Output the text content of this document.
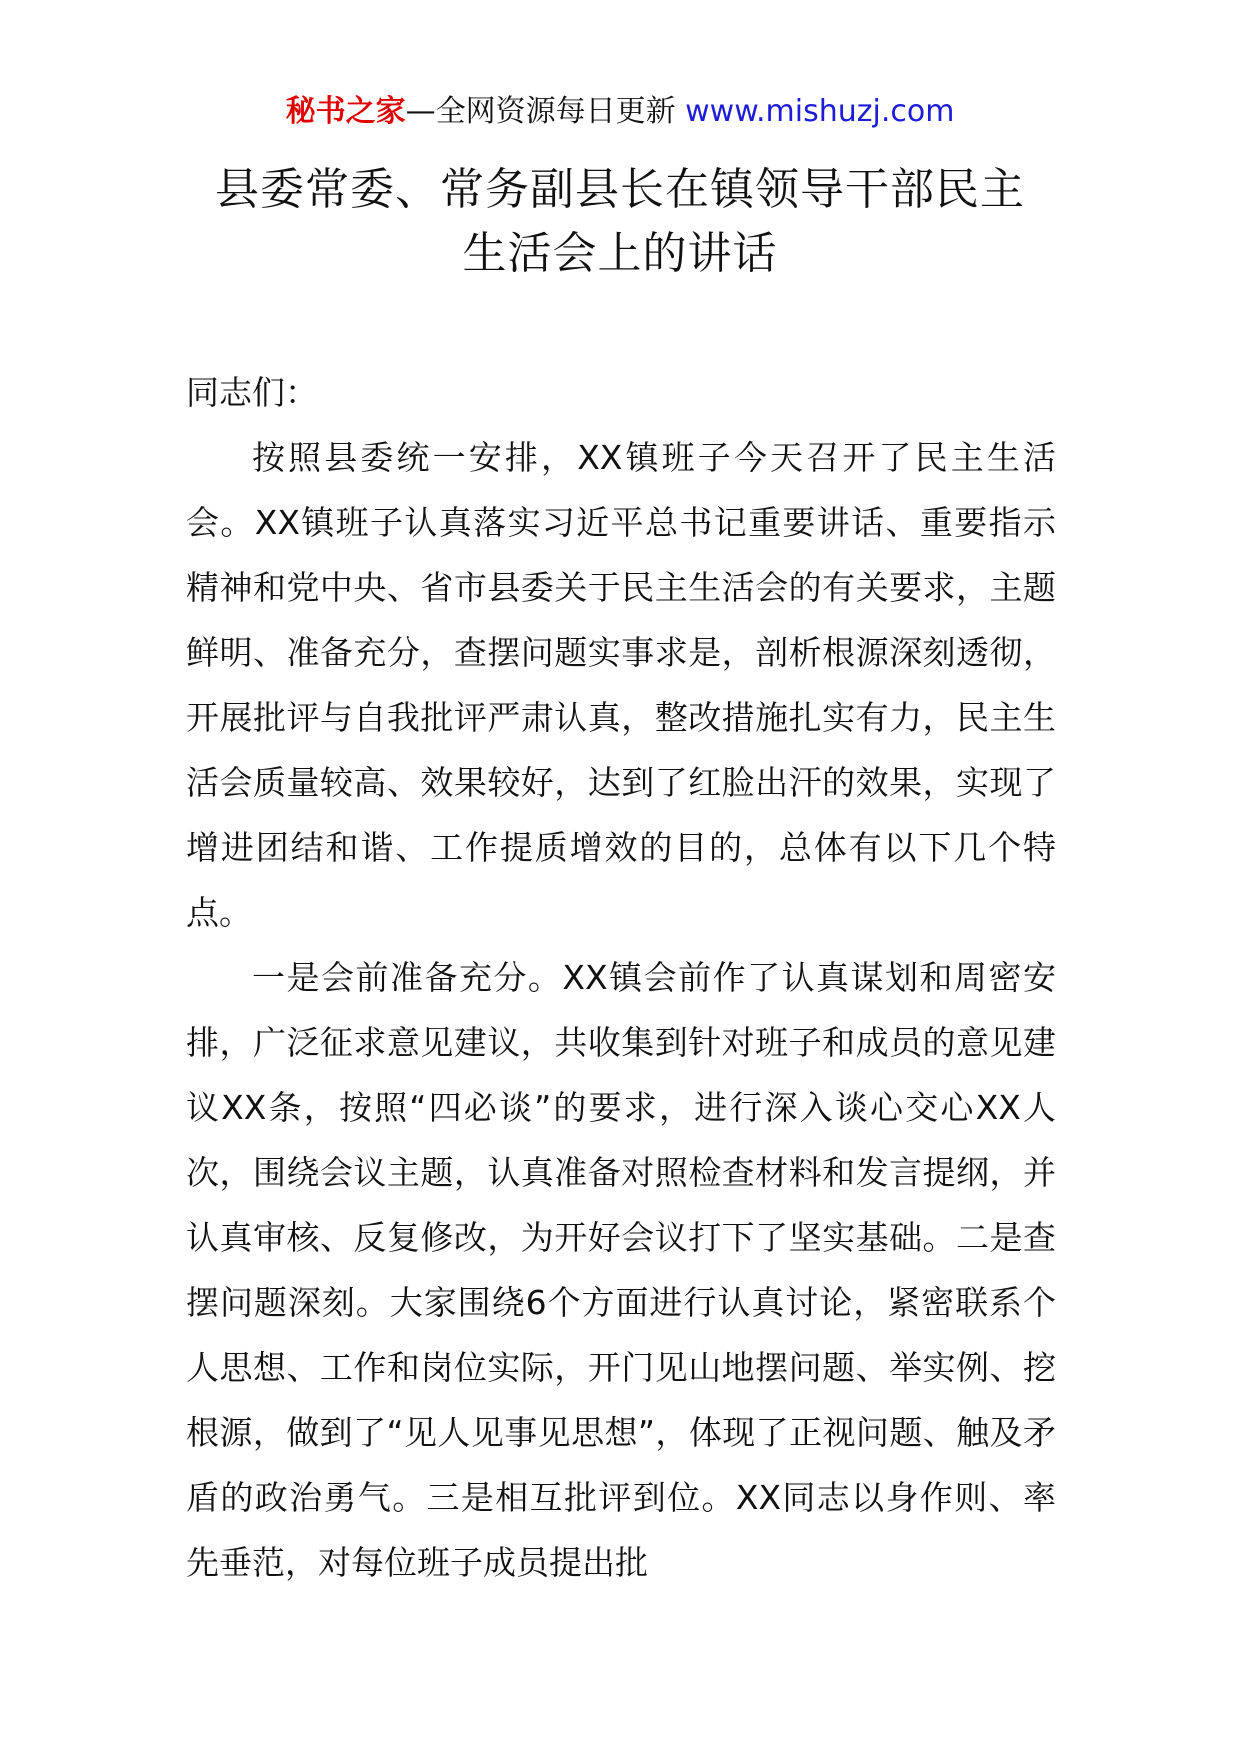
秘书之家—全网资源每日更新 www.mishuzj.com
县委常委、常务副县长在镇领导干部民主
生活会上的讲话

同志们：

按照县委统一安排，XX镇班子今天召开了民主生活会。XX镇班子认真落实习近平总书记重要讲话、重要指示精神和党中央、省市县委关于民主生活会的有关要求，主题鲜明、准备充分，查摆问题实事求是，剖析根源深刻透彻，开展批评与自我批评严肃认真，整改措施扎实有力，民主生活会质量较高、效果较好，达到了红脸出汗的效果，实现了增进团结和谐、工作提质增效的目的，总体有以下几个特点。

一是会前准备充分。XX镇会前作了认真谋划和周密安排，广泛征求意见建议，共收集到针对班子和成员的意见建议XX条，按照“四必谈”的要求，进行深入谈心交心XX人次，围绕会议主题，认真准备对照检查材料和发言提纲，并认真审核、反复修改，为开好会议打下了坚实基础。二是查摆问题深刻。大家围绕6个方面进行认真讨论，紧密联系个人思想、工作和岗位实际，开门见山地摆问题、举实例、挖根源，做到了“见人见事见思想”，体现了正视问题、触及矛盾的政治勇气。三是相互批评到位。XX同志以身作则、率先垂范，对每位班子成员提出批
